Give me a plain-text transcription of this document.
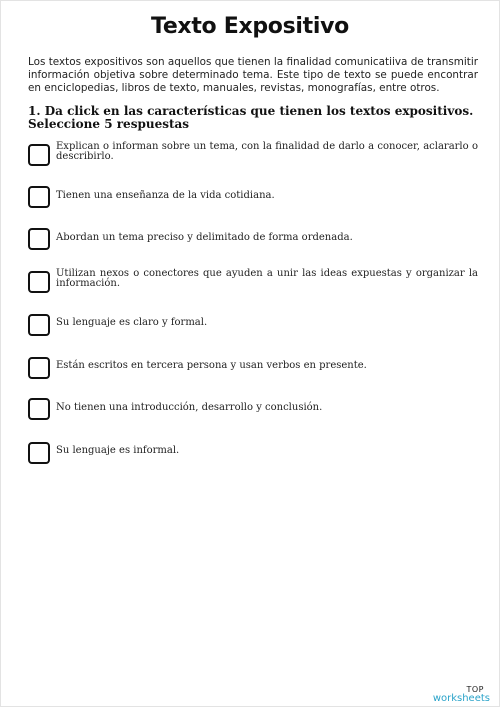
Texto Expositivo
Los textos expositivos son aquellos que tienen la finalidad comunicatiiva de transmitir información objetiva sobre determinado tema. Este tipo de texto se puede encontrar en enciclopedias, libros de texto, manuales, revistas, monografías, entre otros.
1. Da click en las características que tienen los textos expositivos.
Seleccione 5 respuestas
Explican o informan sobre un tema, con la finalidad de darlo a conocer, aclararlo o describirlo.
Tienen una enseñanza de la vida cotidiana.
Abordan un tema preciso y delimitado de forma ordenada.
Utilizan nexos o conectores que ayuden a unir las ideas expuestas y organizar la información.
Su lenguaje es claro y formal.
Están escritos en tercera persona y usan verbos en presente.
No tienen una introducción, desarrollo y conclusión.
Su lenguaje es informal.
TOP
worksheets
